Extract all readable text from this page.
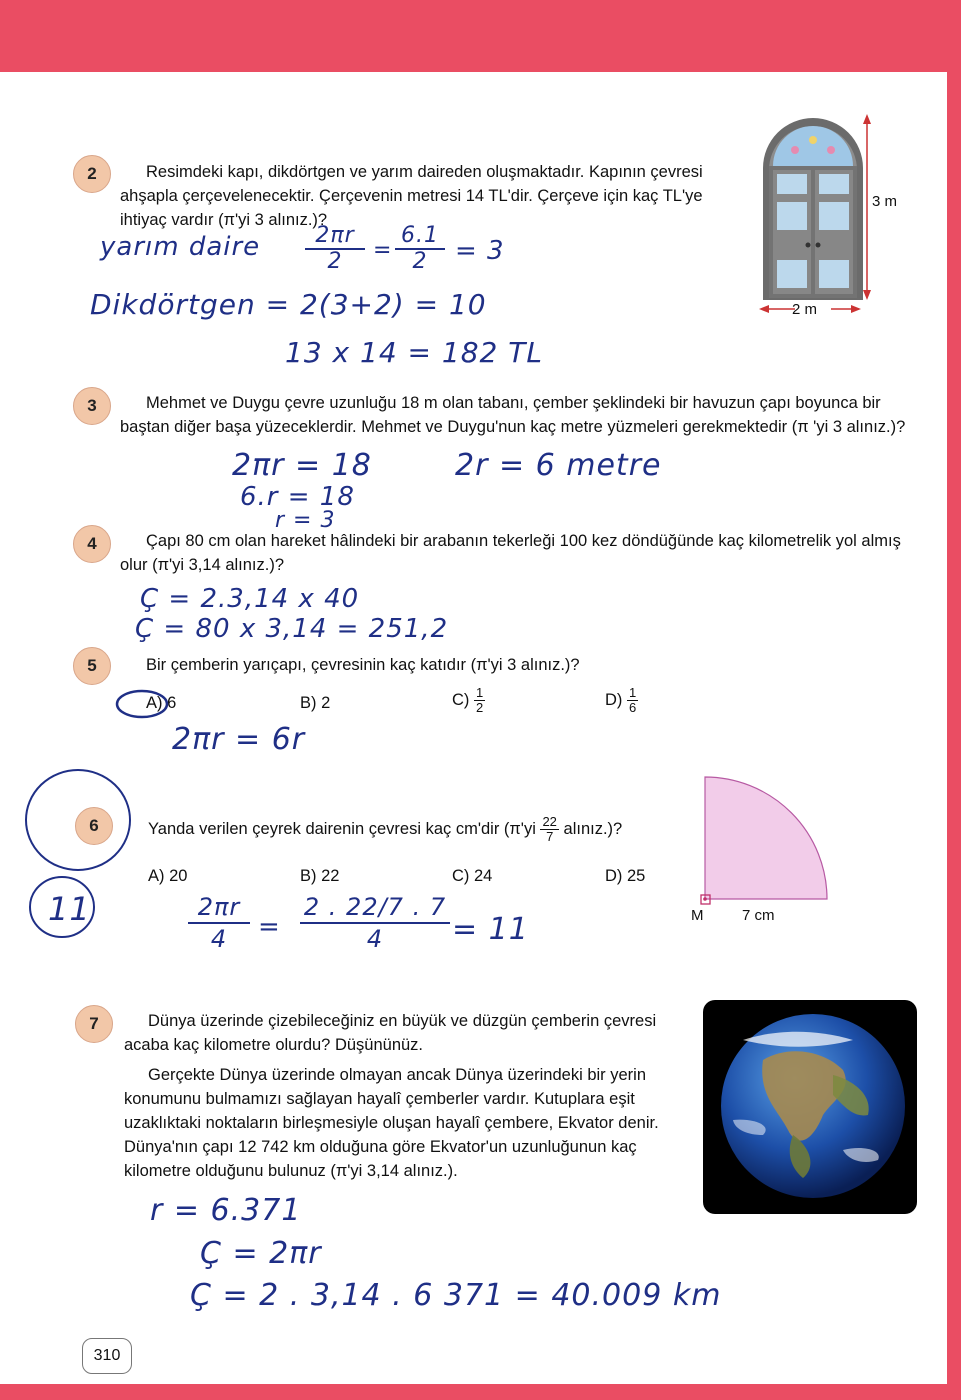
2	Resimdeki kapı, dikdörtgen ve yarım daireden oluşmaktadır. Kapının çevresi ahşapla çerçevelenecektir. Çerçevenin metresi 14 TL'dir. Çerçeve için kaç TL'ye ihtiyaç vardır (π'yi 3 alınız.)?
3 m
2 m
yarım daire $\frac{2\pi r}{2} = \frac{6.1}{2} = 3$
Dikdörtgen = 2(3+2) = 10
13 x 14 = 182 TL
3	Mehmet ve Duygu çevre uzunluğu 18 m olan tabanı, çember şeklindeki bir havuzun çapı boyunca bir baştan diğer başa yüzeceklerdir. Mehmet ve Duygu'nun kaç metre yüzmeleri gerekmektedir (π 'yi 3 alınız.)?
2πr = 18
6.r = 18
r = 3
2r = 6 metre
4	Çapı 80 cm olan hareket hâlindeki bir arabanın tekerleği 100 kez döndüğünde kaç kilometrelik yol almış olur (π'yi 3,14 alınız.)?
Ç = 2.3,14 x 40
Ç = 80 x 3,14 = 251,2
5	Bir çemberin yarıçapı, çevresinin kaç katıdır (π'yi 3 alınız.)?
A) 6	B) 2	$C) \frac{1}{2}$	$D) \frac{1}{6}$
2πr = 6r
6
11
Yanda verilen çeyrek dairenin çevresi kaç cm'dir ($\pi'yi \frac{22}{7}$ alınız.)?
A) 20	B) 22	C) 24	D) 25
M	7 cm
$\frac{2\pi r}{4} = \frac{2 . 22/7 . 7}{4} = 11$
7	Dünya üzerinde çizebileceğiniz en büyük ve düzgün çemberin çevresi acaba kaç kilometre olurdu? Düşününüz.
Gerçekte Dünya üzerinde olmayan ancak Dünya üzerindeki bir yerin konumunu bulmamızı sağlayan hayalî çemberler vardır. Kutuplara eşit uzaklıktaki noktaların birleşmesiyle oluşan hayalî çembere, Ekvator denir. Dünya'nın çapı 12 742 km olduğuna göre Ekvator'un uzunluğunun kaç kilometre olduğunu bulunuz (π'yi 3,14 alınız.).
r = 6.371
Ç = 2πr
Ç = 2 . 3,14 . 6 371 = 40.009 km
310
